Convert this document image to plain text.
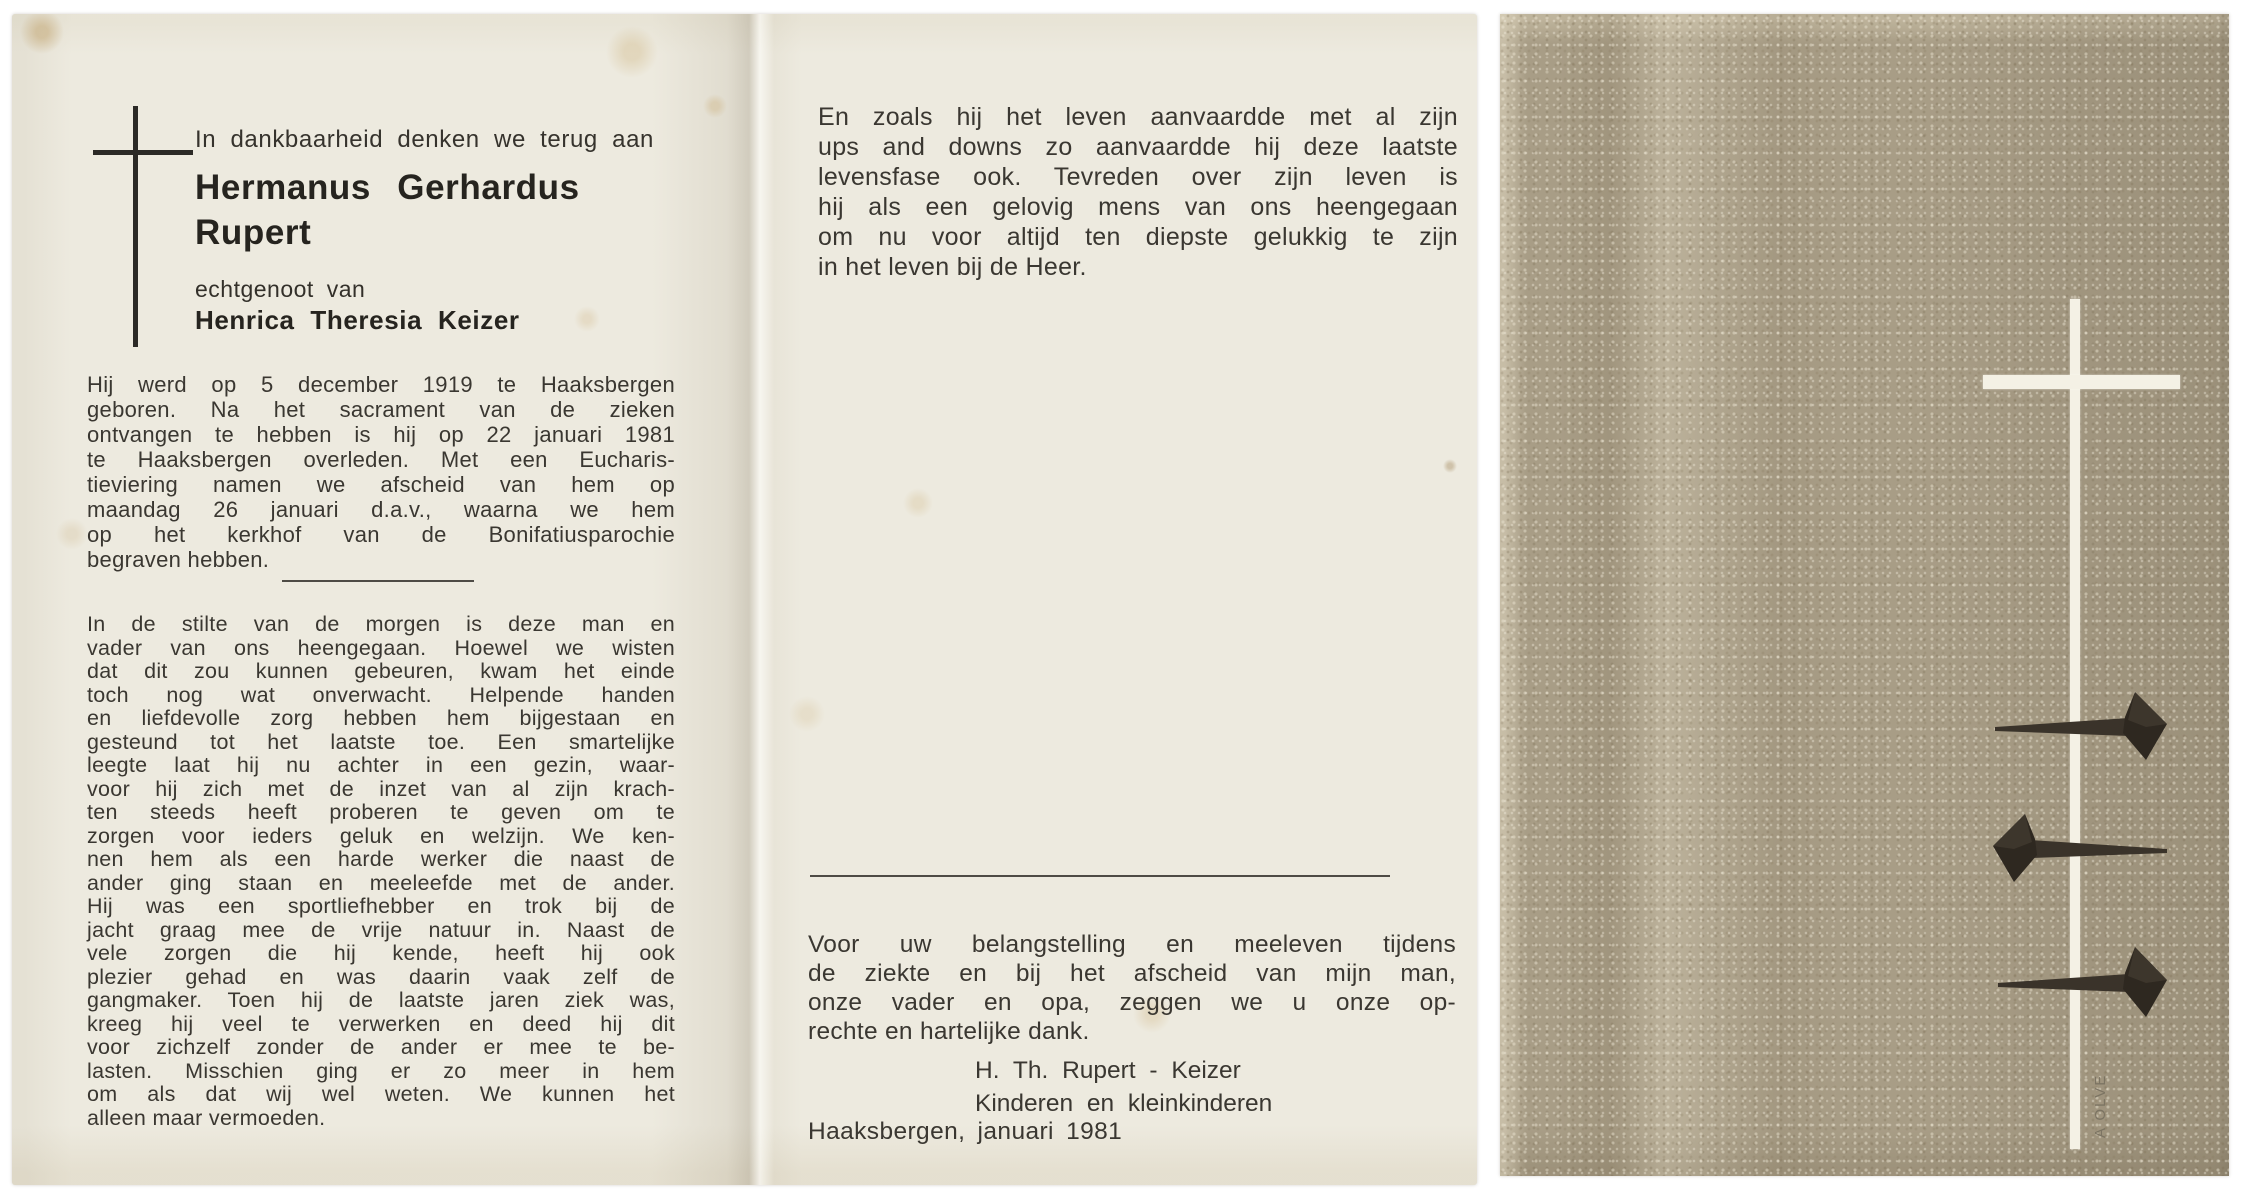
In dankbaarheid denken we terug aan
Hermanus Gerhardus
Rupert
echtgenoot van
Henrica Theresia Keizer
Hij werd op 5 december 1919 te Haaksbergen
geboren. Na het sacrament van de zieken
ontvangen te hebben is hij op 22 januari 1981
te Haaksbergen overleden. Met een Eucharis-
tieviering namen we afscheid van hem op
maandag 26 januari d.a.v., waarna we hem
op het kerkhof van de Bonifatiusparochie
begraven hebben.
In de stilte van de morgen is deze man en
vader van ons heengegaan. Hoewel we wisten
dat dit zou kunnen gebeuren, kwam het einde
toch nog wat onverwacht. Helpende handen
en liefdevolle zorg hebben hem bijgestaan en
gesteund tot het laatste toe. Een smartelijke
leegte laat hij nu achter in een gezin, waar-
voor hij zich met de inzet van al zijn krach-
ten steeds heeft proberen te geven om te
zorgen voor ieders geluk en welzijn. We ken-
nen hem als een harde werker die naast de
ander ging staan en meeleefde met de ander.
Hij was een sportliefhebber en trok bij de
jacht graag mee de vrije natuur in. Naast de
vele zorgen die hij kende, heeft hij ook
plezier gehad en was daarin vaak zelf de
gangmaker. Toen hij de laatste jaren ziek was,
kreeg hij veel te verwerken en deed hij dit
voor zichzelf zonder de ander er mee te be-
lasten. Misschien ging er zo meer in hem
om als dat wij wel weten. We kunnen het
alleen maar vermoeden.
En zoals hij het leven aanvaardde met al zijn
ups and downs zo aanvaardde hij deze laatste
levensfase ook. Tevreden over zijn leven is
hij als een gelovig mens van ons heengegaan
om nu voor altijd ten diepste gelukkig te zijn
in het leven bij de Heer.
Voor uw belangstelling en meeleven tijdens
de ziekte en bij het afscheid van mijn man,
onze vader en opa, zeggen we u onze op-
rechte en hartelijke dank.
H. Th. Rupert - Keizer
Kinderen en kleinkinderen
Haaksbergen, januari 1981	A OLVE
